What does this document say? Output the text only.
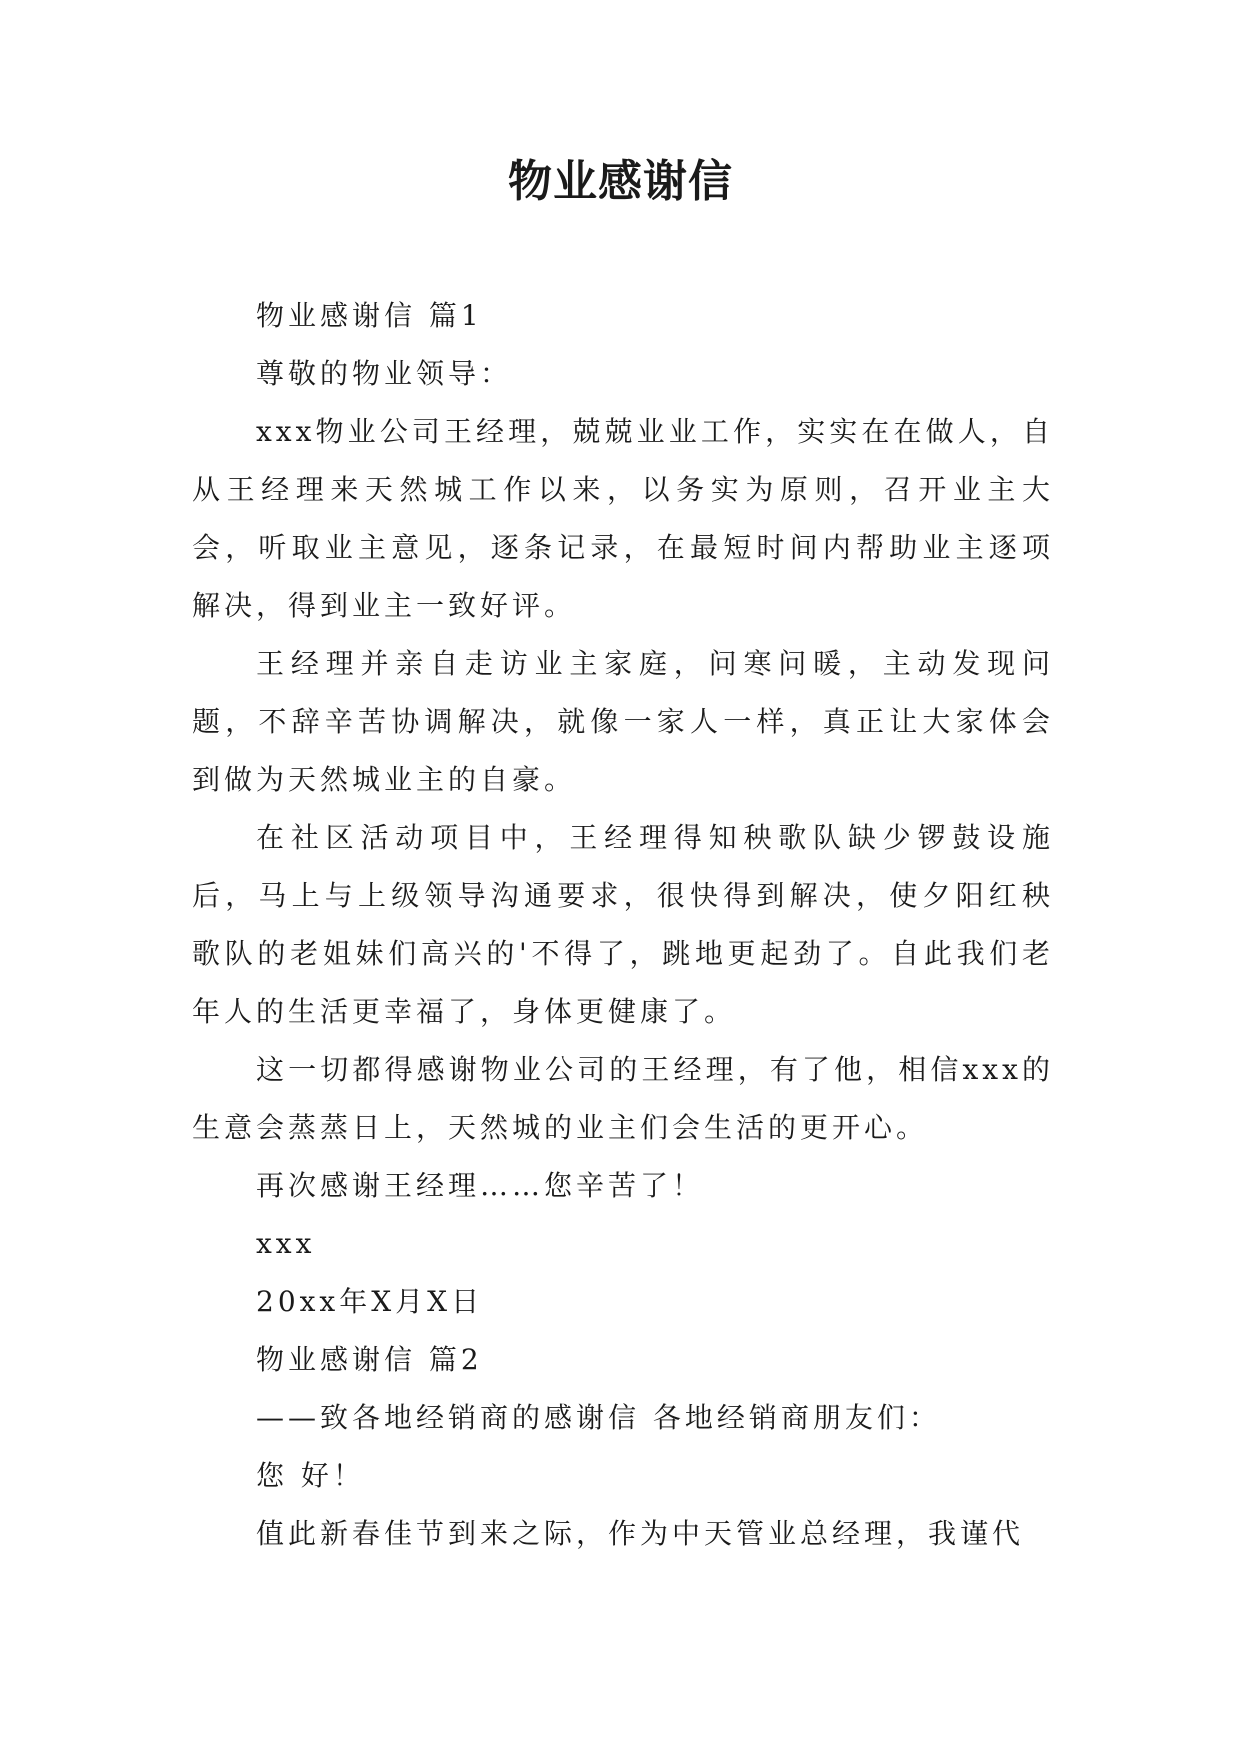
物业感谢信

物业感谢信 篇1

尊敬的物业领导：

xxx物业公司王经理，兢兢业业工作，实实在在做人，自从王经理来天然城工作以来，以务实为原则，召开业主大会，听取业主意见，逐条记录，在最短时间内帮助业主逐项解决，得到业主一致好评。

王经理并亲自走访业主家庭，问寒问暖，主动发现问题，不辞辛苦协调解决，就像一家人一样，真正让大家体会到做为天然城业主的自豪。

在社区活动项目中，王经理得知秧歌队缺少锣鼓设施后，马上与上级领导沟通要求，很快得到解决，使夕阳红秧歌队的老姐妹们高兴的'不得了，跳地更起劲了。自此我们老年人的生活更幸福了，身体更健康了。

这一切都得感谢物业公司的王经理，有了他，相信xxx的生意会蒸蒸日上，天然城的业主们会生活的更开心。

再次感谢王经理……您辛苦了！

xxx

20xx年X月X日

物业感谢信 篇2

——致各地经销商的感谢信 各地经销商朋友们：

您 好！

值此新春佳节到来之际，作为中天管业总经理，我谨代
